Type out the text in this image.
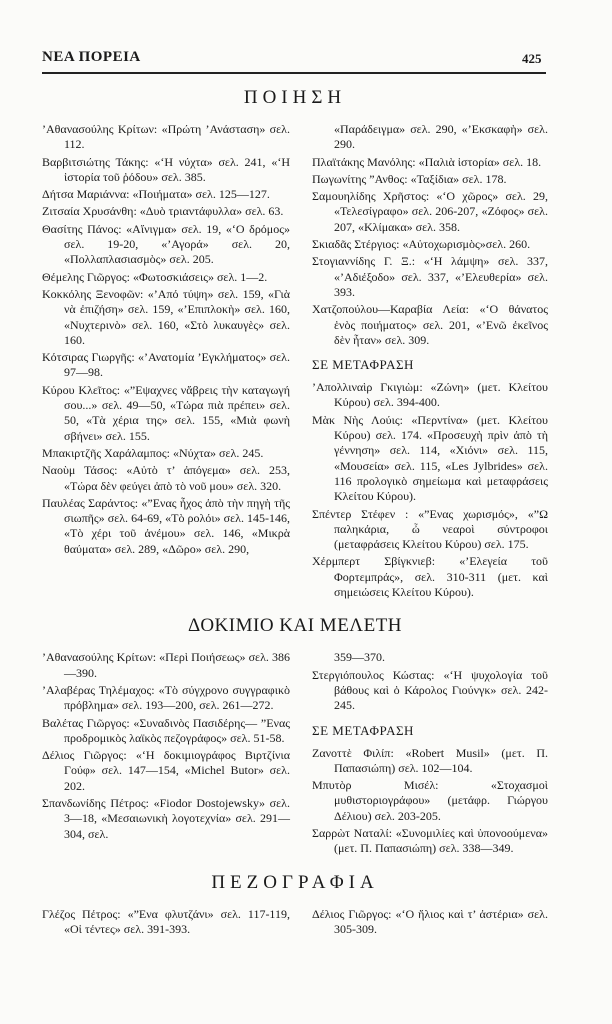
ΝΕΑ ΠΟΡΕΙΑ	425
ΠΟΙΗΣΗ

’Αθανασούλης Κρίτων: «Πρώτη ’Ανάσταση» σελ. 112.

Βαρβιτσιώτης Τάκης: «‘Η νύχτα» σελ. 241, «‘Η ἱστορία τοῦ ῥόδου» σελ. 385.

Δήτσα Μαριάννα: «Ποιήματα» σελ. 125—127.

Ζιτσαία Χρυσάνθη: «Δυὸ τριαντάφυλλα» σελ. 63.

Θασίτης Πάνος: «Αἴνιγμα» σελ. 19, «‘Ο δρόμος» σελ. 19-20, «’Αγορά» σελ. 20, «Πολλαπλασιασμὸς» σελ. 205.

Θέμελης Γιῶργος: «Φωτοσκιάσεις» σελ. 1—2.

Κοκκόλης Ξενοφῶν: «’Από τύψη» σελ. 159, «Γιὰ νὰ ἐπιζήση» σελ. 159, «’Επιπλοκὴ» σελ. 160, «Νυχτερινὸ» σελ. 160, «Στὸ λυκαυγὲς» σελ. 160.

Κότσιρας Γιωργῆς: «’Ανατομία ’Εγκλήματος» σελ. 97—98.

Κύρου Κλεῖτος: «”Εψαχνες νἄβρεις τὴν καταγωγή σου...» σελ. 49—50, «Τώρα πιὰ πρέπει» σελ. 50, «Τὰ χέρια της» σελ. 155, «Μιὰ φωνὴ σβήνει» σελ. 155.

Μπακιρτζῆς Χαράλαμπος: «Νύχτα» σελ. 245.

Ναοὺμ Τάσος: «Αὐτὸ τ’ ἀπόγεμα» σελ. 253, «Τώρα δὲν φεύγει ἀπὸ τὸ νοῦ μου» σελ. 320.

Παυλέας Σαράντος: «”Ενας ἦχος ἀπὸ τὴν πηγὴ τῆς σιωπῆς» σελ. 64-69, «Τὸ ρολόι» σελ. 145-146, «Τὸ χέρι τοῦ ἀνέμου» σελ. 146, «Μικρὰ θαύματα» σελ. 289, «Δῶρο» σελ. 290,

«Παράδειγμα» σελ. 290, «’Εκσκαφὴ» σελ. 290.

Πλαϊτάκης Μανόλης: «Παλιὰ ἱστορία» σελ. 18.

Πωγωνίτης ”Ανθος: «Ταξίδια» σελ. 178.

Σαμουηλίδης Χρῆστος: «‘Ο χῶρος» σελ. 29, «Τελεσίγραφο» σελ. 206-207, «Ζόφος» σελ. 207, «Κλίμακα» σελ. 358.

Σκιαδᾶς Στέργιος: «Αὐτοχωρισμὸς»σελ. 260.

Στογιαννίδης Γ. Ξ.: «‘Η λάμψη» σελ. 337, «’Αδιέξοδο» σελ. 337, «’Ελευθερία» σελ. 393.

Χατζοπούλου—Καραβία Λεία: «‘Ο θάνατος ἑνὸς ποιήματος» σελ. 201, «’Ενῶ ἐκεῖνος δὲν ἦταν» σελ. 309.

ΣΕ ΜΕΤΑΦΡΑΣΗ

’Απολλιναὶρ Γκιγιὼμ: «Ζώνη» (μετ. Κλείτου Κύρου) σελ. 394-400.

Μὰκ Νὴς Λούις: «Περντίνα» (μετ. Κλείτου Κύρου) σελ. 174. «Προσευχὴ πρὶν ἀπὸ τὴ γέννηση» σελ. 114, «Χιόνι» σελ. 115, «Μουσεία» σελ. 115, «Les Jylbrides» σελ. 116 προλογικὸ σημείωμα καὶ μεταφράσεις Κλείτου Κύρου).

Σπέντερ Στέφεν : «”Ενας χωρισμός», «”Ω παληκάρια, ὦ νεαροὶ σύντροφοι (μεταφράσεις Κλείτου Κύρου) σελ. 175.

Χέρμπερτ Σβίγκνιεβ: «’Ελεγεία τοῦ Φορτεμπράς», σελ. 310-311 (μετ. καὶ σημειώσεις Κλείτου Κύρου).

ΔΟΚΙΜΙΟ ΚΑΙ ΜΕΛΕΤΗ

’Αθανασούλης Κρίτων: «Περὶ Ποιήσεως» σελ. 386—390.

’Αλαβέρας Τηλέμαχος: «Τὸ σύγχρονο συγγραφικὸ πρόβλημα» σελ. 193—200, σελ. 261—272.

Βαλέτας Γιῶργος: «Συναδινὸς Πασιδέρης— ”Ενας προδρομικὸς λαϊκὸς πεζογράφος» σελ. 51-58.

Δέλιος Γιῶργος: «‘Η δοκιμιογράφος Βιρτζίνια Γούφ» σελ. 147—154, «Michel Butor» σελ. 202.

Σπανδωνίδης Πέτρος: «Fiodor Dostojewsky» σελ. 3—18, «Μεσαιωνικὴ λογοτεχνία» σελ. 291—304, σελ.

359—370.

Στεργιόπουλος Κώστας: «‘Η ψυχολογία τοῦ βάθους καὶ ὁ Κάρολος Γιούνγκ» σελ. 242-245.

ΣΕ ΜΕΤΑΦΡΑΣΗ

Ζανοττὲ Φιλίπ: «Robert Musil» (μετ. Π. Παπασιώπη) σελ. 102—104.

Μπυτὸρ Μισέλ: «Στοχασμοὶ μυθιστοριογράφου» (μετάφρ. Γιώργου Δέλιου) σελ. 203-205.

Σαρρὼτ Ναταλί: «Συνομιλίες καὶ ὑπονοούμενα» (μετ. Π. Παπασιώπη) σελ. 338—349.

ΠΕΖΟΓΡΑΦΙΑ

Γλέζος Πέτρος: «”Ενα φλυτζάνι» σελ. 117-119, «Οἱ τέντες» σελ. 391-393.

Δέλιος Γιῶργος: «‘Ο ἥλιος καὶ τ’ ἀστέρια» σελ. 305-309.
